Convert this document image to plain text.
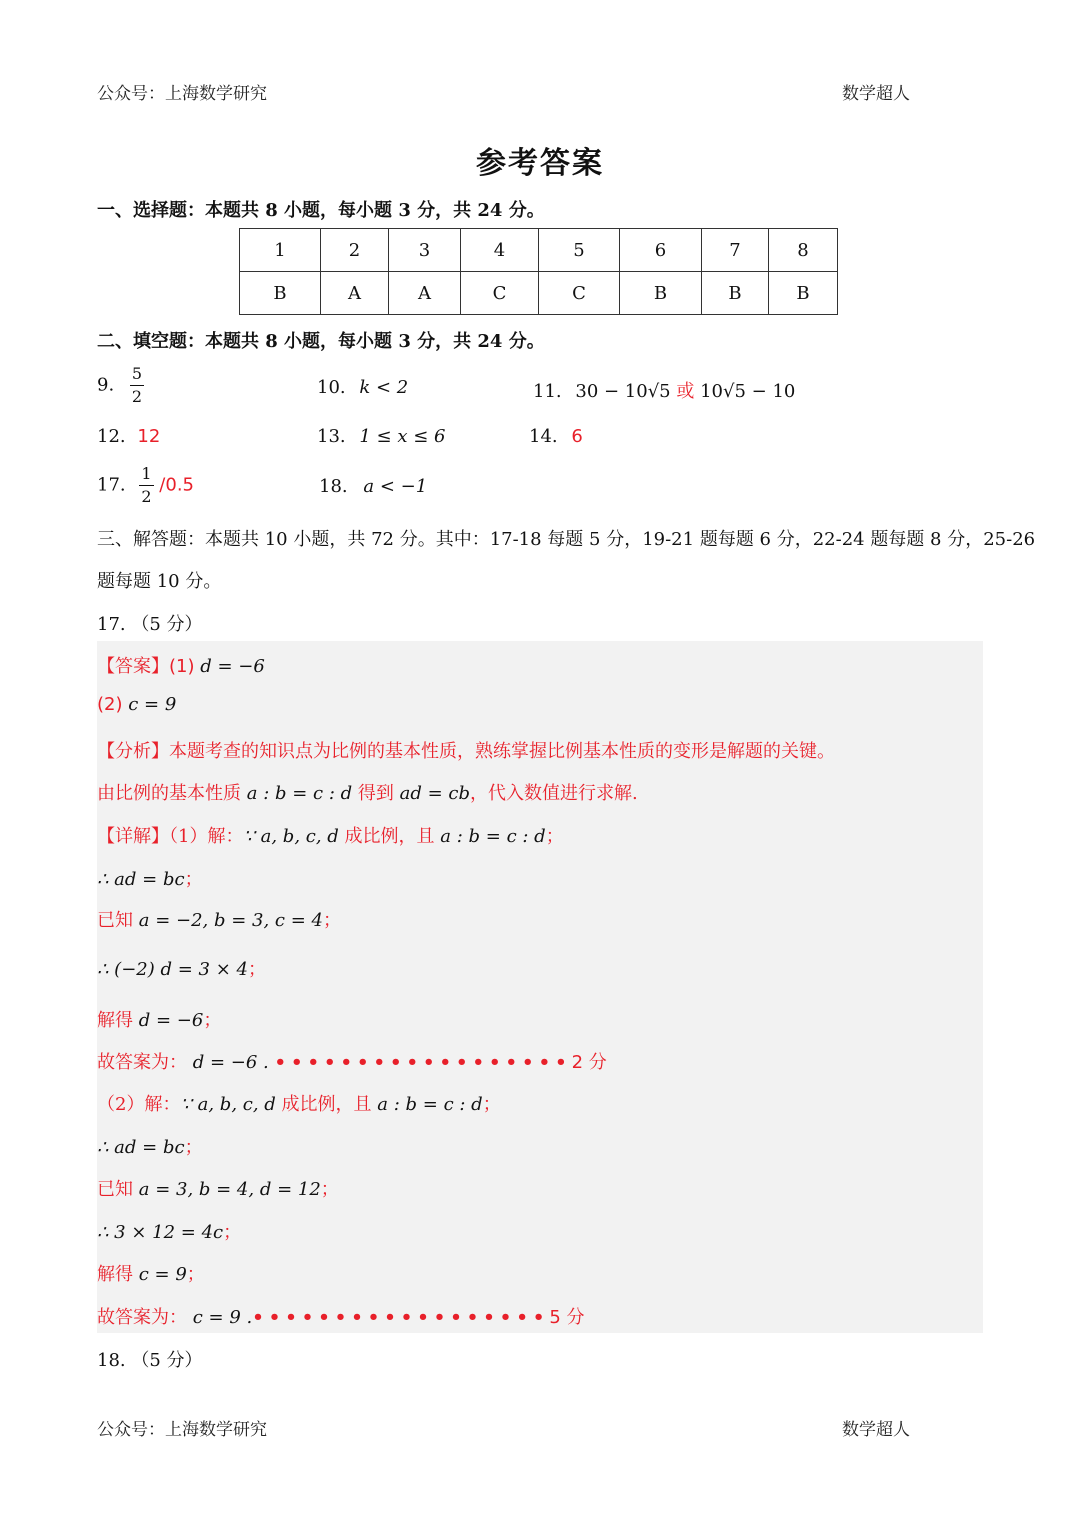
公众号：上海数学研究	数学超人
参考答案
一、选择题：本题共 8 小题，每小题 3 分，共 24 分。
1	2	3	4	5	6	7	8
B	A	A	C	C	B	B	B
二、填空题：本题共 8 小题，每小题 3 分，共 24 分。
9. $\frac{5}{2}$	10. k < 2	11. 30 − 10√5 或 10√5 − 10
12. 12	13. 1 ≤ x ≤ 6	14. 6
17. $\frac{1}{2} /0.5$	18. a < −1
三、解答题：本题共 10 小题，共 72 分。其中：17-18 每题 5 分，19-21 题每题 6 分，22-24 题每题 8 分，25-26
题每题 10 分。
17. （5 分）
【答案】(1) d = −6
(2) c = 9
【分析】本题考查的知识点为比例的基本性质，熟练掌握比例基本性质的变形是解题的关键。
由比例的基本性质 a : b = c : d 得到 ad = cb，代入数值进行求解.
【详解】（1）解：∵ a, b, c, d 成比例，且 a : b = c : d；
∴ ad = bc；
已知 a = −2, b = 3, c = 4；
∴ (−2) d = 3 × 4；
解得 d = −6；
故答案为： d = −6 . ••••••••••••••••••2 分
（2）解：∵ a, b, c, d 成比例，且 a : b = c : d；
∴ ad = bc；
已知 a = 3, b = 4, d = 12；
∴ 3 × 12 = 4c；
解得 c = 9；
故答案为： c = 9 .••••••••••••••••••5 分
18. （5 分）
公众号：上海数学研究	数学超人
